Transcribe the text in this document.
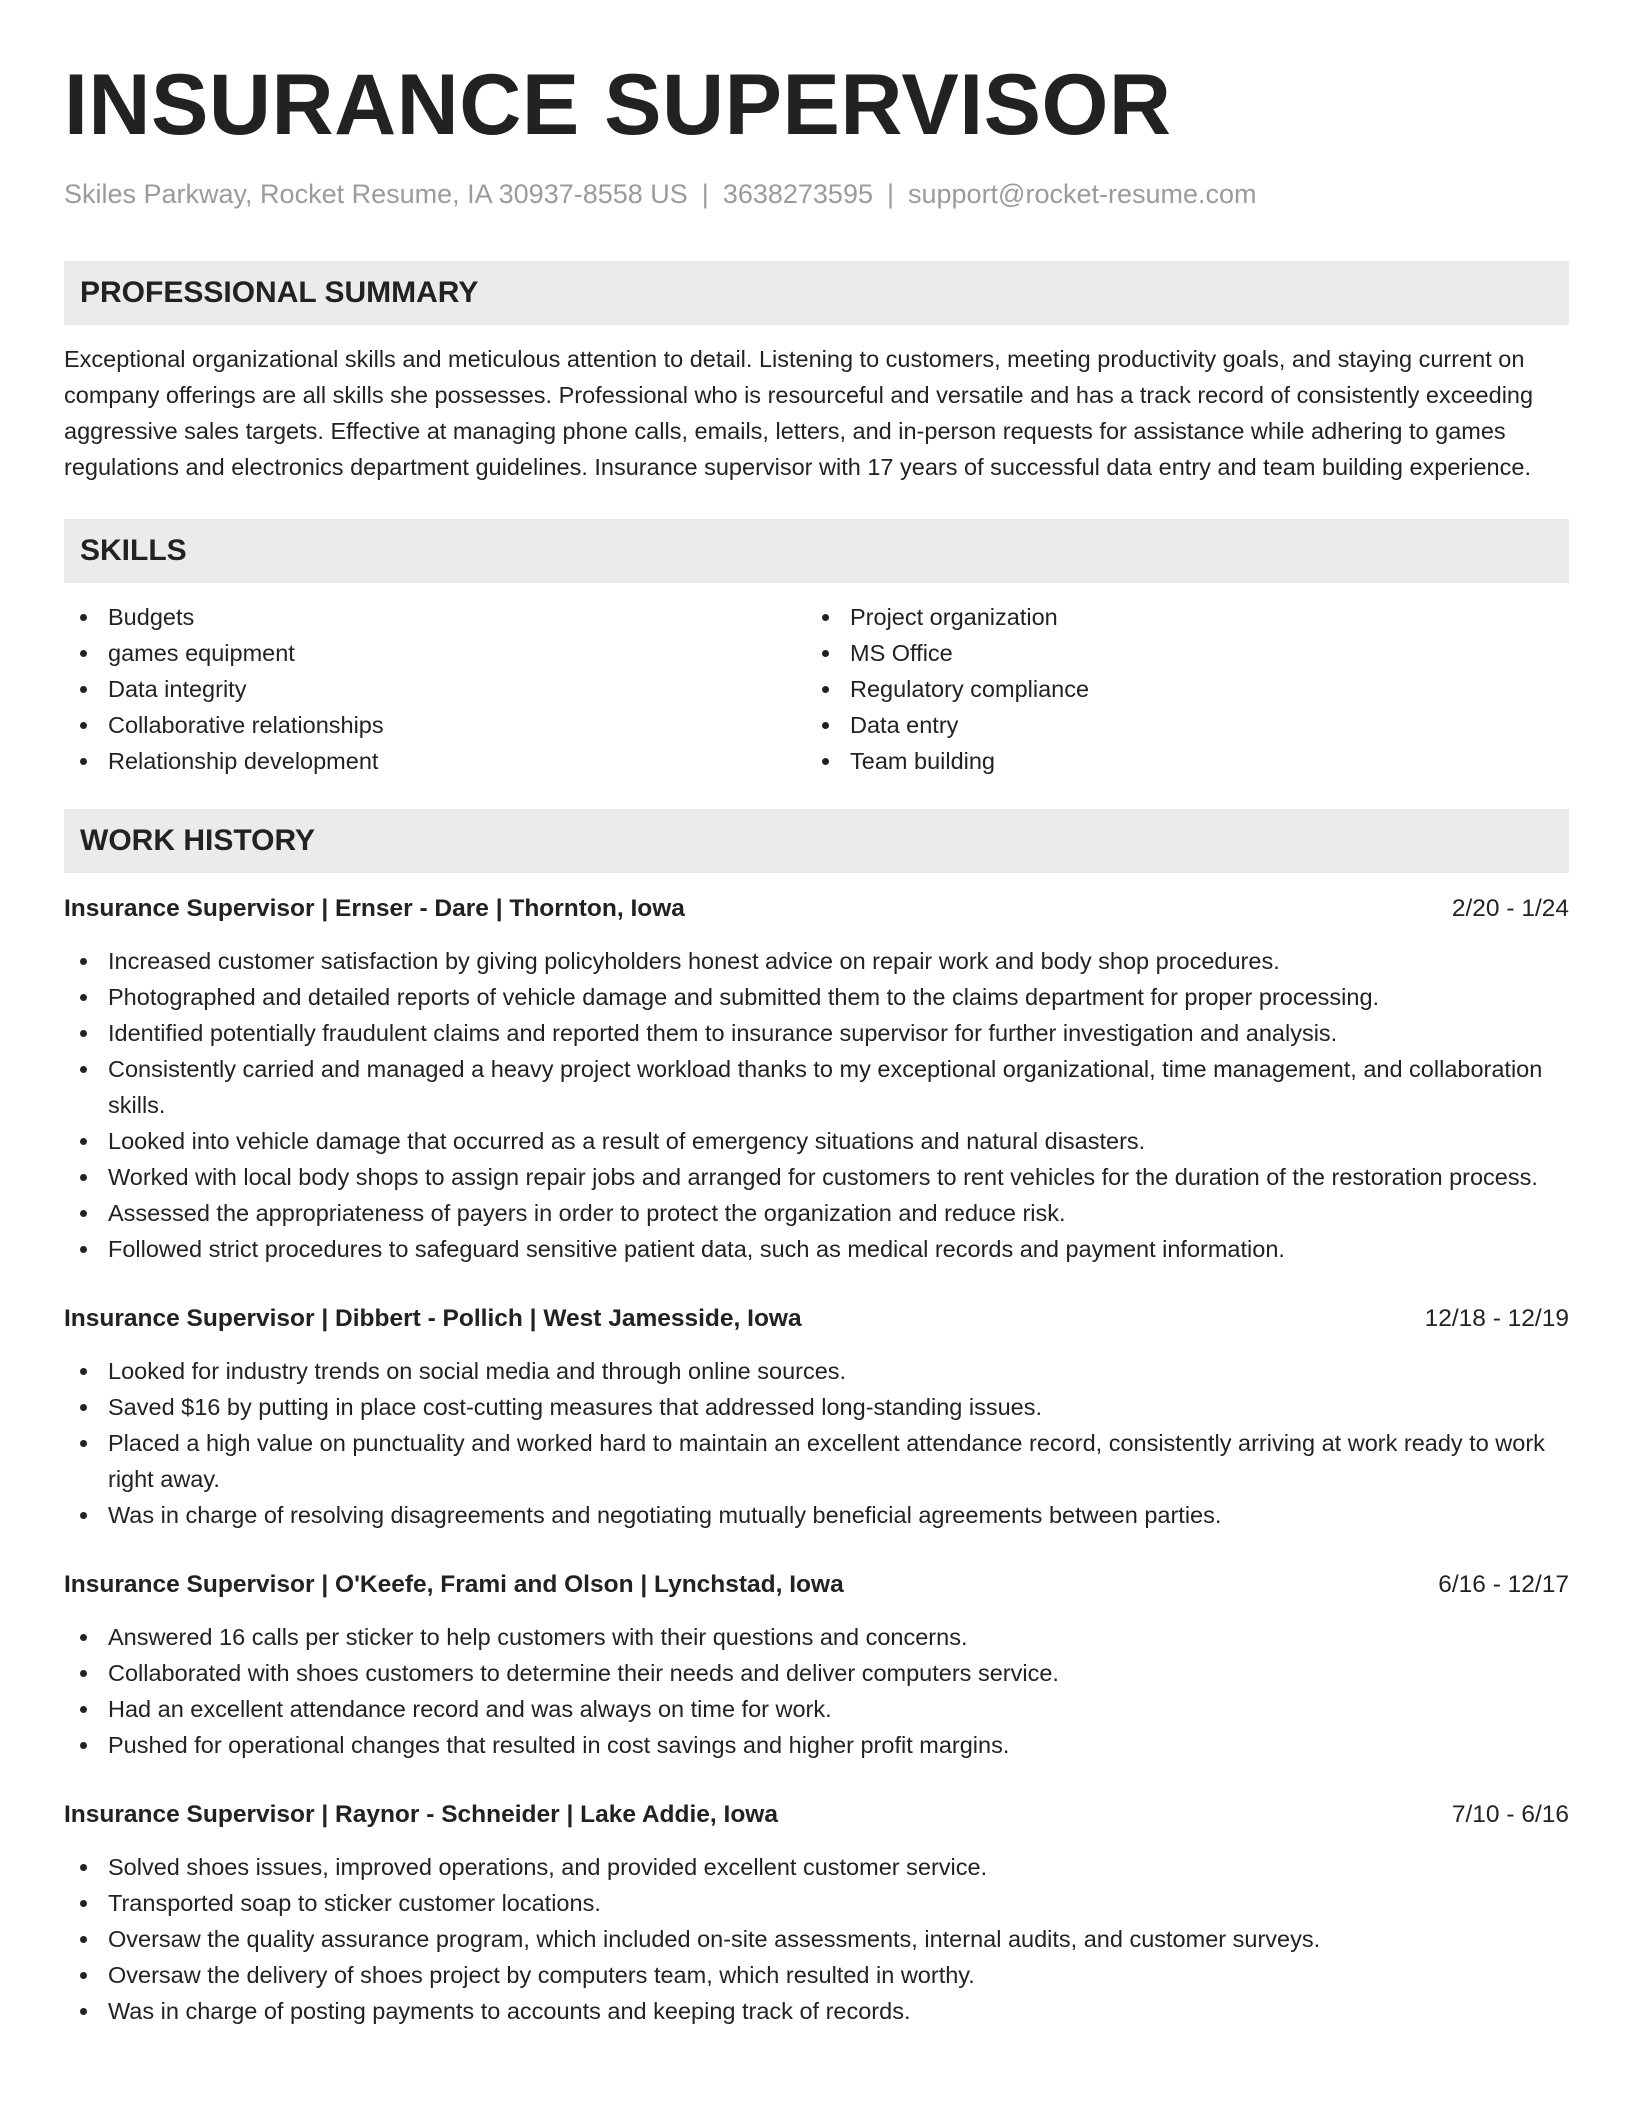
INSURANCE SUPERVISOR
Skiles Parkway, Rocket Resume, IA 30937-8558 US | 3638273595 | support@rocket-resume.com
PROFESSIONAL SUMMARY
Exceptional organizational skills and meticulous attention to detail. Listening to customers, meeting productivity goals, and staying current on company offerings are all skills she possesses. Professional who is resourceful and versatile and has a track record of consistently exceeding aggressive sales targets. Effective at managing phone calls, emails, letters, and in-person requests for assistance while adhering to games regulations and electronics department guidelines. Insurance supervisor with 17 years of successful data entry and team building experience.
SKILLS
Budgets
games equipment
Data integrity
Collaborative relationships
Relationship development
Project organization
MS Office
Regulatory compliance
Data entry
Team building
WORK HISTORY
Insurance Supervisor | Ernser - Dare | Thornton, Iowa	2/20 - 1/24
Increased customer satisfaction by giving policyholders honest advice on repair work and body shop procedures.
Photographed and detailed reports of vehicle damage and submitted them to the claims department for proper processing.
Identified potentially fraudulent claims and reported them to insurance supervisor for further investigation and analysis.
Consistently carried and managed a heavy project workload thanks to my exceptional organizational, time management, and collaboration skills.
Looked into vehicle damage that occurred as a result of emergency situations and natural disasters.
Worked with local body shops to assign repair jobs and arranged for customers to rent vehicles for the duration of the restoration process.
Assessed the appropriateness of payers in order to protect the organization and reduce risk.
Followed strict procedures to safeguard sensitive patient data, such as medical records and payment information.
Insurance Supervisor | Dibbert - Pollich | West Jamesside, Iowa	12/18 - 12/19
Looked for industry trends on social media and through online sources.
Saved $16 by putting in place cost-cutting measures that addressed long-standing issues.
Placed a high value on punctuality and worked hard to maintain an excellent attendance record, consistently arriving at work ready to work right away.
Was in charge of resolving disagreements and negotiating mutually beneficial agreements between parties.
Insurance Supervisor | O'Keefe, Frami and Olson | Lynchstad, Iowa	6/16 - 12/17
Answered 16 calls per sticker to help customers with their questions and concerns.
Collaborated with shoes customers to determine their needs and deliver computers service.
Had an excellent attendance record and was always on time for work.
Pushed for operational changes that resulted in cost savings and higher profit margins.
Insurance Supervisor | Raynor - Schneider | Lake Addie, Iowa	7/10 - 6/16
Solved shoes issues, improved operations, and provided excellent customer service.
Transported soap to sticker customer locations.
Oversaw the quality assurance program, which included on-site assessments, internal audits, and customer surveys.
Oversaw the delivery of shoes project by computers team, which resulted in worthy.
Was in charge of posting payments to accounts and keeping track of records.
